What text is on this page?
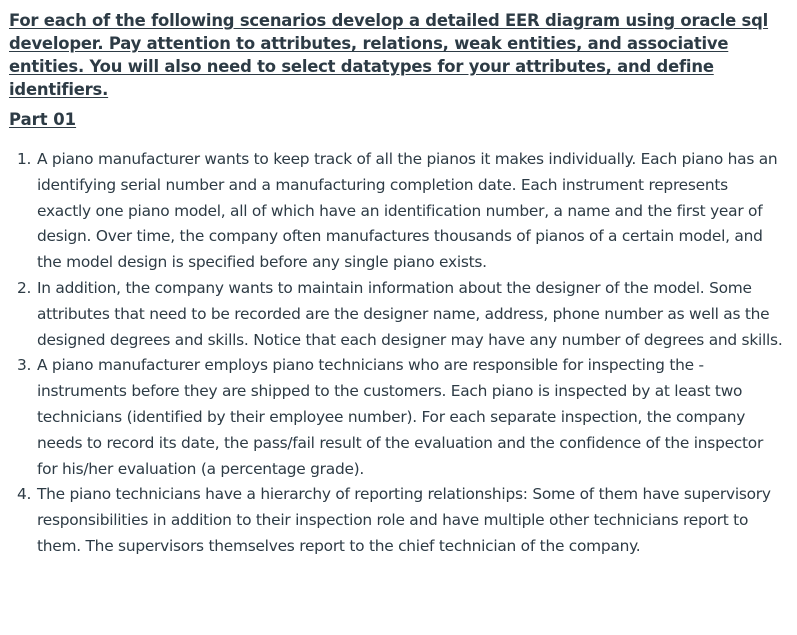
For each of the following scenarios develop a detailed EER diagram using oracle sql developer. Pay attention to attributes, relations, weak entities, and associative entities. You will also need to select datatypes for your attributes, and define identifiers.

Part 01
1. A piano manufacturer wants to keep track of all the pianos it makes individually. Each piano has an identifying serial number and a manufacturing completion date. Each instrument represents exactly one piano model, all of which have an identification number, a name and the first year of design. Over time, the company often manufactures thousands of pianos of a certain model, and the model design is specified before any single piano exists.
2. In addition, the company wants to maintain information about the designer of the model. Some attributes that need to be recorded are the designer name, address, phone number as well as the designed degrees and skills. Notice that each designer may have any number of degrees and skills.
3. A piano manufacturer employs piano technicians who are responsible for inspecting the -instruments before they are shipped to the customers. Each piano is inspected by at least two technicians (identified by their employee number). For each separate inspection, the company needs to record its date, the pass/fail result of the evaluation and the confidence of the inspector for his/her evaluation (a percentage grade).
4. The piano technicians have a hierarchy of reporting relationships: Some of them have supervisory responsibilities in addition to their inspection role and have multiple other technicians report to them. The supervisors themselves report to the chief technician of the company.
